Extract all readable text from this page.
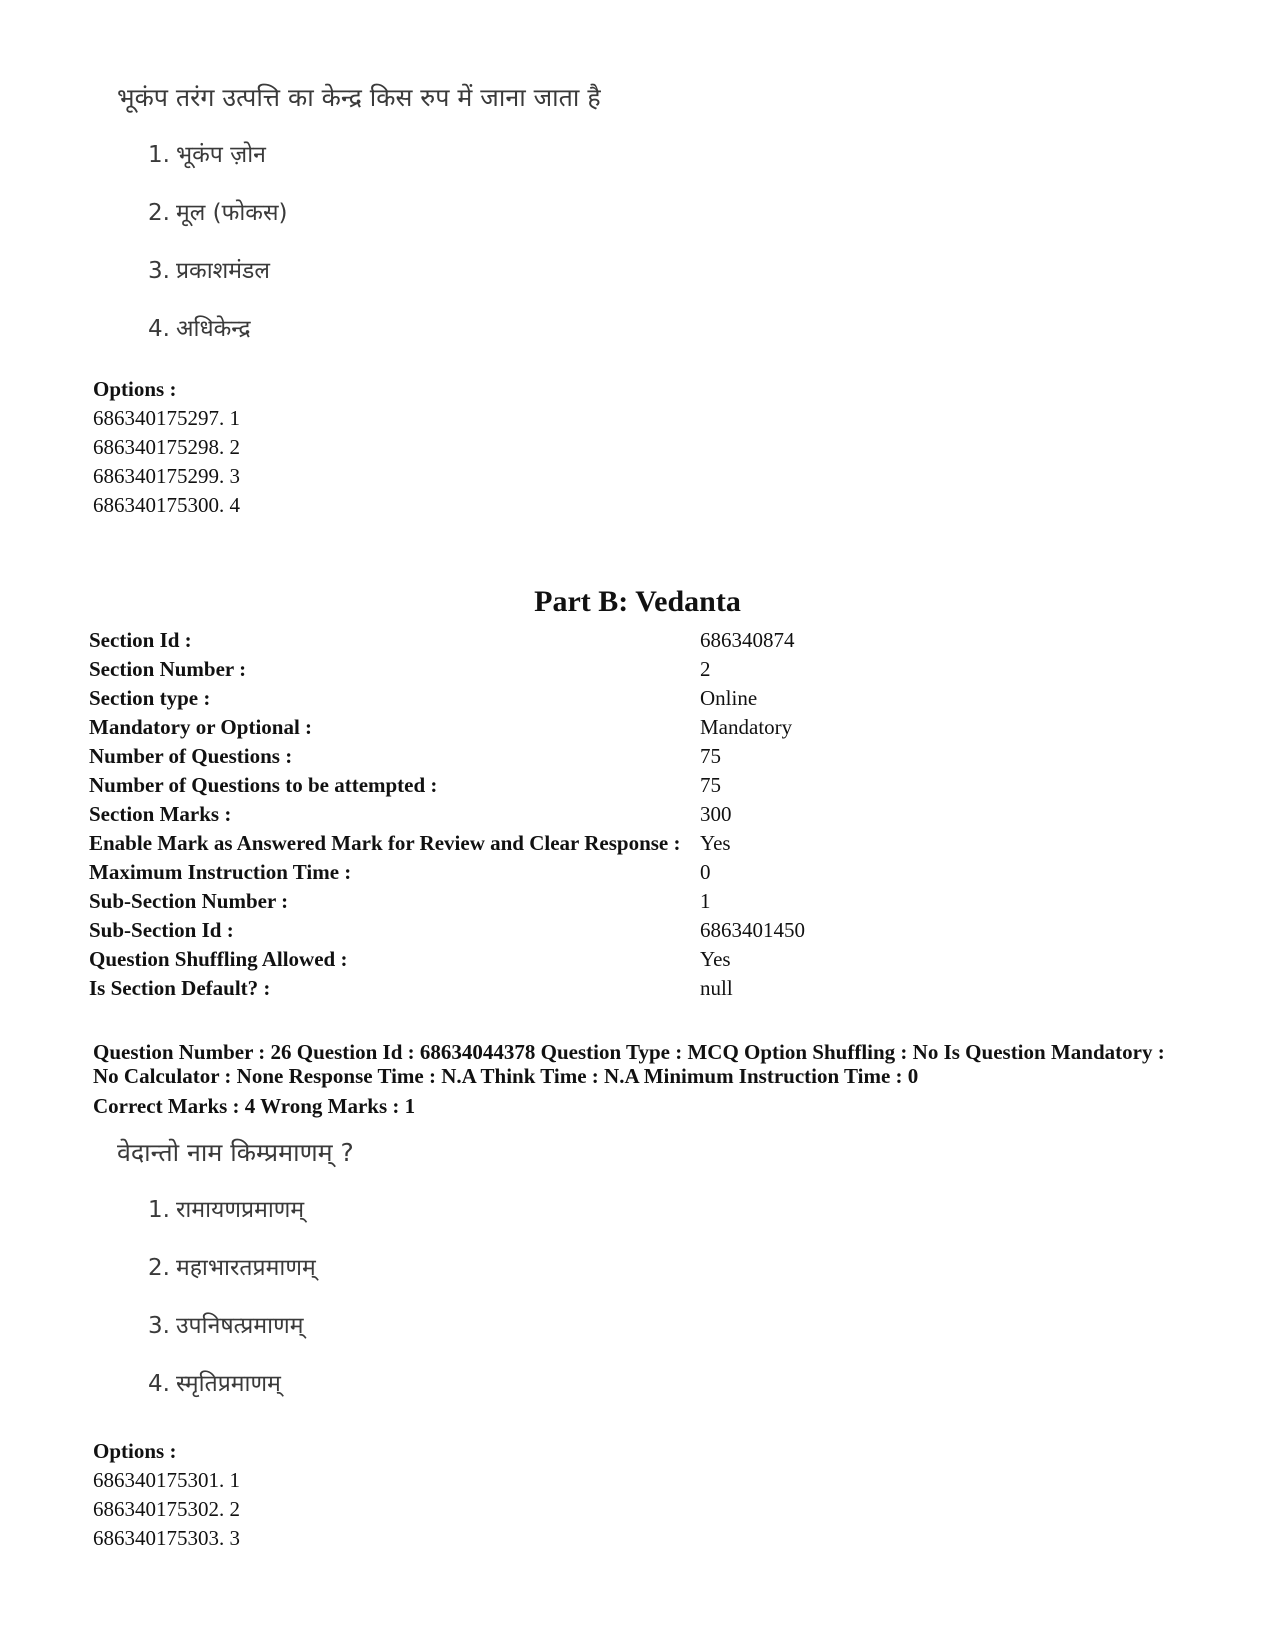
भूकंप तरंग उत्पत्ति का केन्द्र किस रुप में जाना जाता है
1. भूकंप ज़ोन
2. मूल (फोकस)
3. प्रकाशमंडल
4. अधिकेन्द्र
Options :
686340175297. 1
686340175298. 2
686340175299. 3
686340175300. 4
Part B: Vedanta
Section Id :	686340874
Section Number :	2
Section type :	Online
Mandatory or Optional :	Mandatory
Number of Questions :	75
Number of Questions to be attempted :	75
Section Marks :	300
Enable Mark as Answered Mark for Review and Clear Response :	Yes
Maximum Instruction Time :	0
Sub-Section Number :	1
Sub-Section Id :	6863401450
Question Shuffling Allowed :	Yes
Is Section Default? :	null
Question Number : 26 Question Id : 68634044378 Question Type : MCQ Option Shuffling : No Is Question Mandatory :
No Calculator : None Response Time : N.A Think Time : N.A Minimum Instruction Time : 0
Correct Marks : 4 Wrong Marks : 1
वेदान्तो नाम किम्प्रमाणम् ?
1. रामायणप्रमाणम्
2. महाभारतप्रमाणम्
3. उपनिषत्प्रमाणम्
4. स्मृतिप्रमाणम्
Options :
686340175301. 1
686340175302. 2
686340175303. 3
